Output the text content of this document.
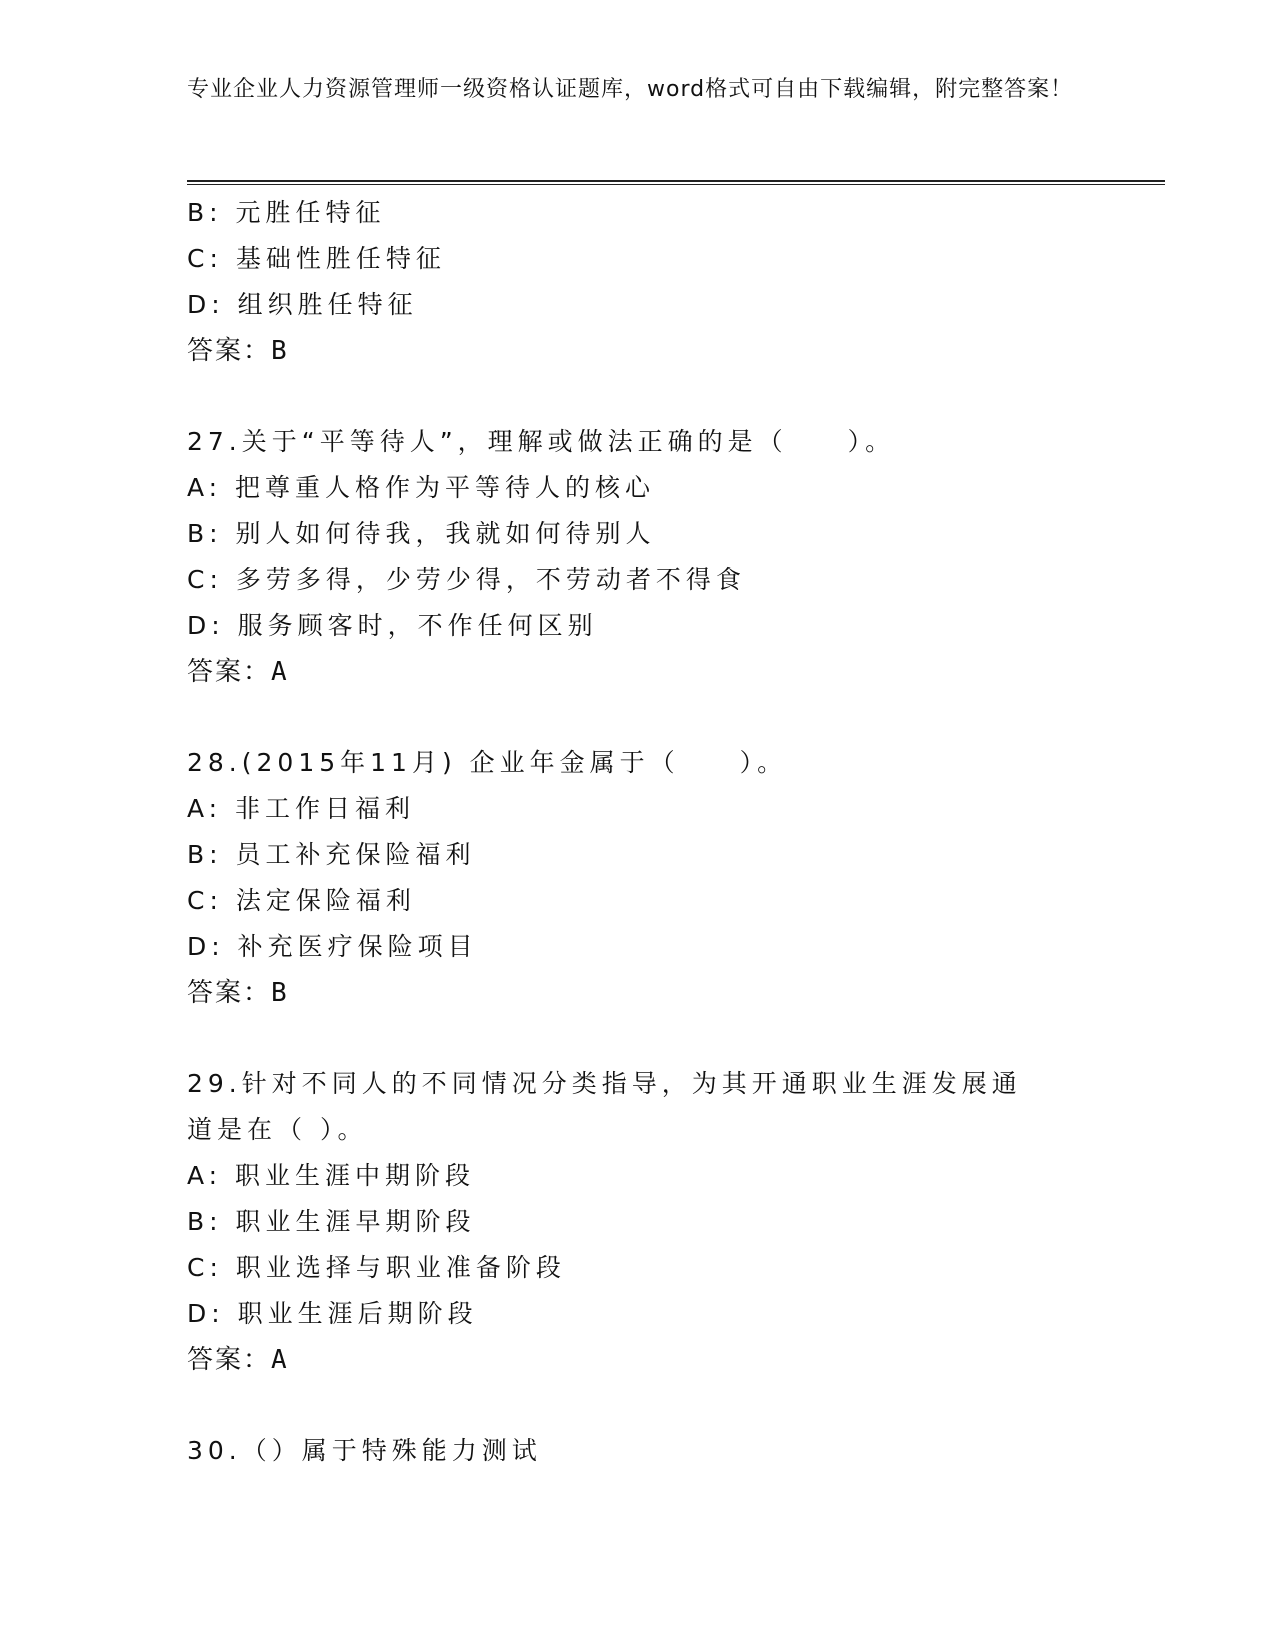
专业企业人力资源管理师一级资格认证题库，word格式可自由下载编辑，附完整答案！
B: 元胜任特征
C: 基础性胜任特征
D: 组织胜任特征
答案：B
27.关于“平等待人”，理解或做法正确的是（　　）。
A: 把尊重人格作为平等待人的核心
B: 别人如何待我，我就如何待别人
C: 多劳多得，少劳少得，不劳动者不得食
D: 服务顾客时，不作任何区别
答案：A
28.(2015年11月) 企业年金属于（　　）。
A: 非工作日福利
B: 员工补充保险福利
C: 法定保险福利
D: 补充医疗保险项目
答案：B
29.针对不同人的不同情况分类指导，为其开通职业生涯发展通道是在（ ）。
A: 职业生涯中期阶段
B: 职业生涯早期阶段
C: 职业选择与职业准备阶段
D: 职业生涯后期阶段
答案：A
30.（）属于特殊能力测试
